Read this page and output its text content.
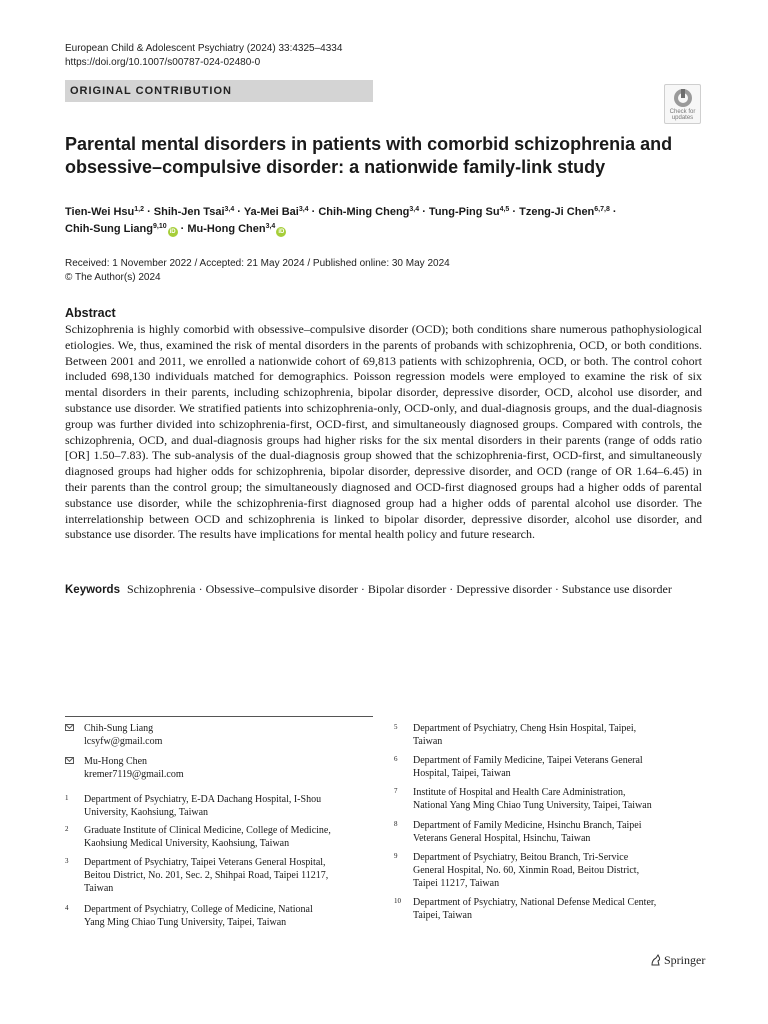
European Child & Adolescent Psychiatry (2024) 33:4325–4334
https://doi.org/10.1007/s00787-024-02480-0
ORIGINAL CONTRIBUTION
Check for updates
Parental mental disorders in patients with comorbid schizophrenia and obsessive–compulsive disorder: a nationwide family-link study
Tien-Wei Hsu$^{1,2}$ · Shih-Jen Tsai$^{3,4}$ · Ya-Mei Bai$^{3,4}$ · Chih-Ming Cheng$^{3,4}$ · Tung-Ping Su$^{4,5}$ · Tzeng-Ji Chen$^{6,7,8}$ ·
Chih-Sung Liang$^{9,10}$iD · Mu-Hong Chen$^{3,4}$iD
Received: 1 November 2022 / Accepted: 21 May 2024 / Published online: 30 May 2024
© The Author(s) 2024
Abstract

Schizophrenia is highly comorbid with obsessive–compulsive disorder (OCD); both conditions share numerous pathophysiological etiologies. We, thus, examined the risk of mental disorders in the parents of probands with schizophrenia, OCD, or both conditions. Between 2001 and 2011, we enrolled a nationwide cohort of 69,813 patients with schizophrenia, OCD, or both. The control cohort included 698,130 individuals matched for demographics. Poisson regression models were employed to examine the risk of six mental disorders in their parents, including schizophrenia, bipolar disorder, depressive disorder, OCD, alcohol use disorder, and substance use disorder. We stratified patients into schizophrenia-only, OCD-only, and dual-diagnosis groups, and the dual-diagnosis group was further divided into schizophrenia-first, OCD-first, and simultaneously diagnosed groups. Compared with controls, the schizophrenia, OCD, and dual-diagnosis groups had higher risks for the six mental disorders in their parents (range of odds ratio [OR] 1.50–7.83). The sub-analysis of the dual-diagnosis group showed that the schizophrenia-first, OCD-first, and simultaneously diagnosed groups had higher odds for schizophrenia, bipolar disorder, depressive disorder, and OCD (range of OR 1.64–6.45) in their parents than the control group; the simultaneously diagnosed and OCD-first diagnosed groups had a higher odds of parental substance use disorder, while the schizophrenia-first diagnosed group had a higher odds of parental alcohol use disorder. The interrelationship between OCD and schizophrenia is linked to bipolar disorder, depressive disorder, alcohol use disorder, and substance use disorder. The results have implications for mental health policy and future research.

Keywords Schizophrenia · Obsessive–compulsive disorder · Bipolar disorder · Depressive disorder · Substance use disorder
Chih-Sung Liang
lcsyfw@gmail.com
Mu-Hong Chen
kremer7119@gmail.com
1 Department of Psychiatry, E-DA Dachang Hospital, I-Shou
University, Kaohsiung, Taiwan
2 Graduate Institute of Clinical Medicine, College of Medicine,
Kaohsiung Medical University, Kaohsiung, Taiwan
3 Department of Psychiatry, Taipei Veterans General Hospital,
Beitou District, No. 201, Sec. 2, Shihpai Road, Taipei 11217,
Taiwan
4 Department of Psychiatry, College of Medicine, National
Yang Ming Chiao Tung University, Taipei, Taiwan
5 Department of Psychiatry, Cheng Hsin Hospital, Taipei,
Taiwan
6 Department of Family Medicine, Taipei Veterans General
Hospital, Taipei, Taiwan
7 Institute of Hospital and Health Care Administration,
National Yang Ming Chiao Tung University, Taipei, Taiwan
8 Department of Family Medicine, Hsinchu Branch, Taipei
Veterans General Hospital, Hsinchu, Taiwan
9 Department of Psychiatry, Beitou Branch, Tri-Service
General Hospital, No. 60, Xinmin Road, Beitou District,
Taipei 11217, Taiwan
10 Department of Psychiatry, National Defense Medical Center,
Taipei, Taiwan
Springer
